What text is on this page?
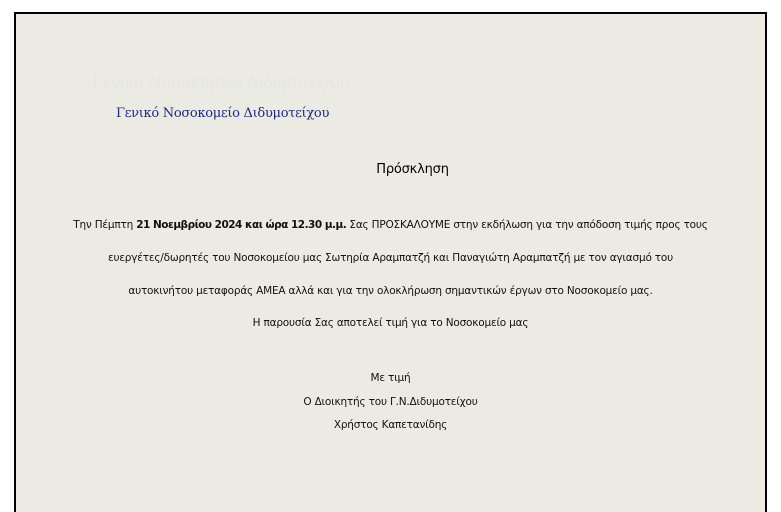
Γενικό Νοσοκομείο Διδυμοτείχου
Γενικό Νοσοκομείο Διδυμοτείχου
Πρόσκληση
Την Πέμπτη 21 Νοεμβρίου 2024 και ώρα 12.30 μ.μ. Σας ΠΡΟΣΚΑΛΟΥΜΕ στην εκδήλωση για την απόδοση τιμής προς τους
ευεργέτες/δωρητές του Νοσοκομείου μας Σωτηρία Αραμπατζή και Παναγιώτη Αραμπατζή με τον αγιασμό του
αυτοκινήτου μεταφοράς ΑΜΕΑ αλλά και για την ολοκλήρωση σημαντικών έργων στο Νοσοκομείο μας.
Η παρουσία Σας αποτελεί τιμή για το Νοσοκομείο μας
Με τιμή
Ο Διοικητής του Γ.Ν.Διδυμοτείχου
Χρήστος Καπετανίδης
